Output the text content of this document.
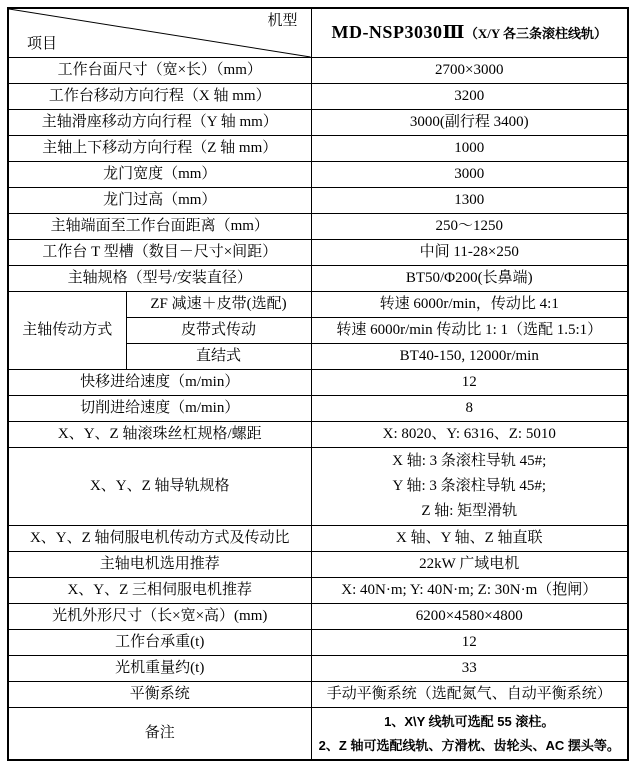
机型
项目		MD-NSP3030Ⅲ（X/Y 各三条滚柱线轨）
工作台面尺寸（宽×长）（mm）		2700×3000
工作台移动方向行程（X 轴 mm）		3200
主轴滑座移动方向行程（Y 轴 mm）		3000(副行程 3400)
主轴上下移动方向行程（Z 轴 mm）		1000
龙门宽度（mm）		3000
龙门过高（mm）		1300
主轴端面至工作台面距离（mm）		250～1250
工作台 T 型槽（数目－尺寸×间距）		中间 11-28×250
主轴规格（型号/安装直径）		BT50/Φ200(长鼻端)
主轴传动方式	ZF 减速＋皮带(选配)	转速 6000r/min，传动比 4:1
	皮带式传动	转速 6000r/min 传动比 1: 1（选配 1.5:1）
	直结式	BT40-150, 12000r/min
快移进给速度（m/min）		12
切削进给速度（m/min）		8
X、Y、Z 轴滚珠丝杠规格/螺距		X: 8020、Y: 6316、Z: 5010
X、Y、Z 轴导轨规格		X 轴: 3 条滚柱导轨 45#;
Y 轴: 3 条滚柱导轨 45#;
Z 轴: 矩型滑轨

X、Y、Z 轴伺服电机传动方式及传动比		X 轴、Y 轴、Z 轴直联
主轴电机选用推荐		22kW 广域电机
X、Y、Z 三相伺服电机推荐		X: 40N·m; Y: 40N·m; Z: 30N·m（抱闸）
光机外形尺寸（长×宽×高）(mm)		6200×4580×4800
工作台承重(t)		12
光机重量约(t)		33
平衡系统		手动平衡系统（选配氮气、自动平衡系统）
备注		1、X\Y 线轨可选配 55 滚柱。
2、Z 轴可选配线轨、方滑枕、齿轮头、AC 摆头等。
